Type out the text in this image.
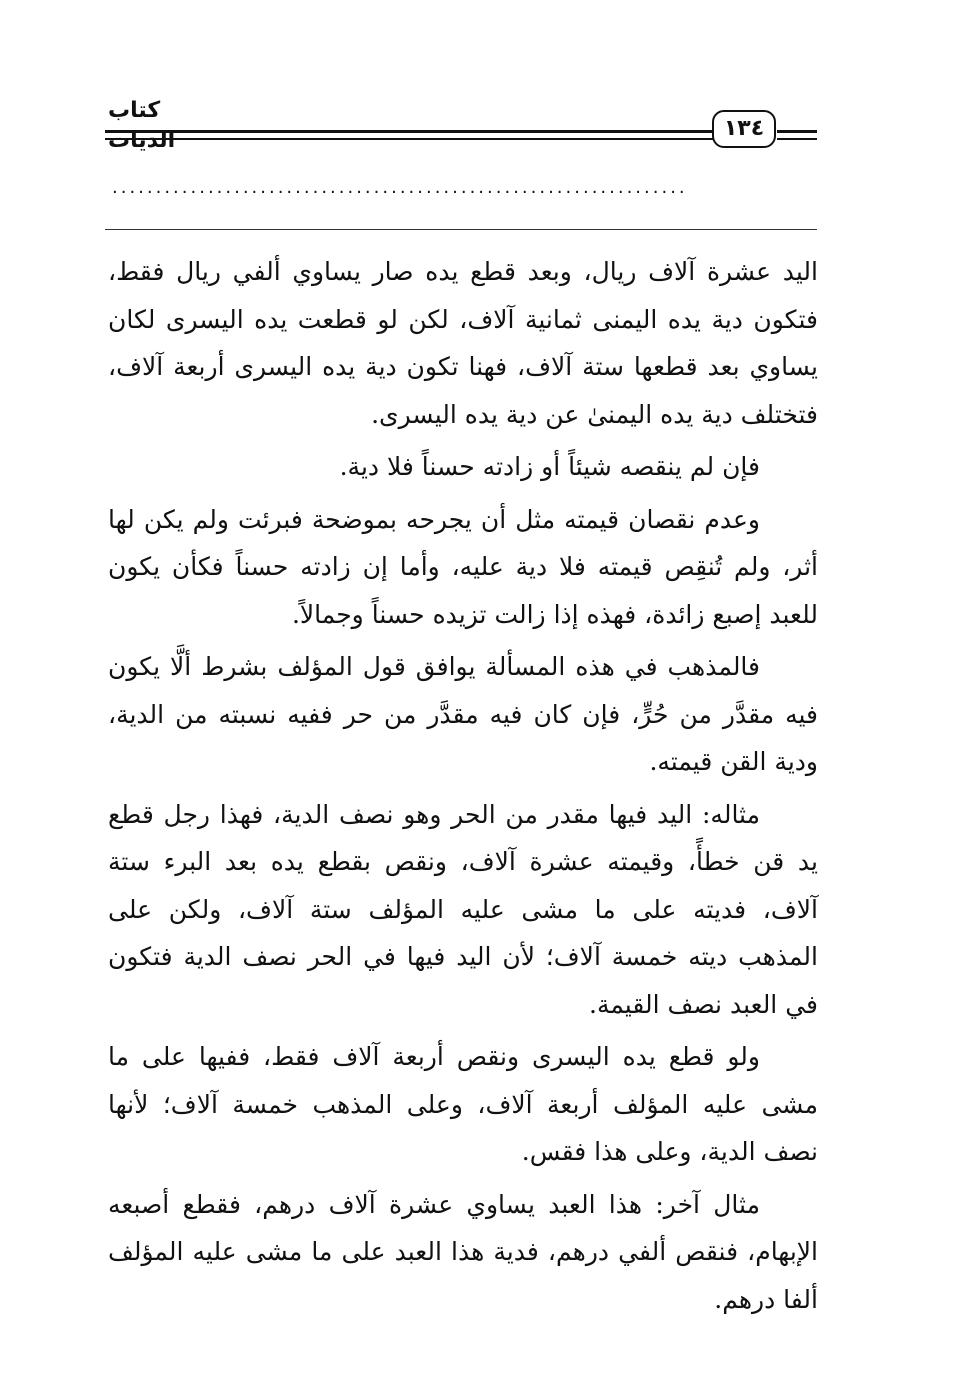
كتاب الديات	١٣٤
..................................................................

اليد عشرة آلاف ريال، وبعد قطع يده صار يساوي ألفي ريال فقط، فتكون دية يده اليمنى ثمانية آلاف، لكن لو قطعت يده اليسرى لكان يساوي بعد قطعها ستة آلاف، فهنا تكون دية يده اليسرى أربعة آلاف، فتختلف دية يده اليمنىٰ عن دية يده اليسرى.

فإن لم ينقصه شيئاً أو زادته حسناً فلا دية.

وعدم نقصان قيمته مثل أن يجرحه بموضحة فبرئت ولم يكن لها أثر، ولم تُنقِص قيمته فلا دية عليه، وأما إن زادته حسناً فكأن يكون للعبد إصبع زائدة، فهذه إذا زالت تزيده حسناً وجمالاً.

فالمذهب في هذه المسألة يوافق قول المؤلف بشرط ألَّا يكون فيه مقدَّر من حُرٍّ، فإن كان فيه مقدَّر من حر ففيه نسبته من الدية، ودية القن قيمته.

مثاله: اليد فيها مقدر من الحر وهو نصف الدية، فهذا رجل قطع يد قن خطأً، وقيمته عشرة آلاف، ونقص بقطع يده بعد البرء ستة آلاف، فديته على ما مشى عليه المؤلف ستة آلاف، ولكن على المذهب ديته خمسة آلاف؛ لأن اليد فيها في الحر نصف الدية فتكون في العبد نصف القيمة.

ولو قطع يده اليسرى ونقص أربعة آلاف فقط، ففيها على ما مشى عليه المؤلف أربعة آلاف، وعلى المذهب خمسة آلاف؛ لأنها نصف الدية، وعلى هذا فقس.

مثال آخر: هذا العبد يساوي عشرة آلاف درهم، فقطع أصبعه الإبهام، فنقص ألفي درهم، فدية هذا العبد على ما مشى عليه المؤلف ألفا درهم.
